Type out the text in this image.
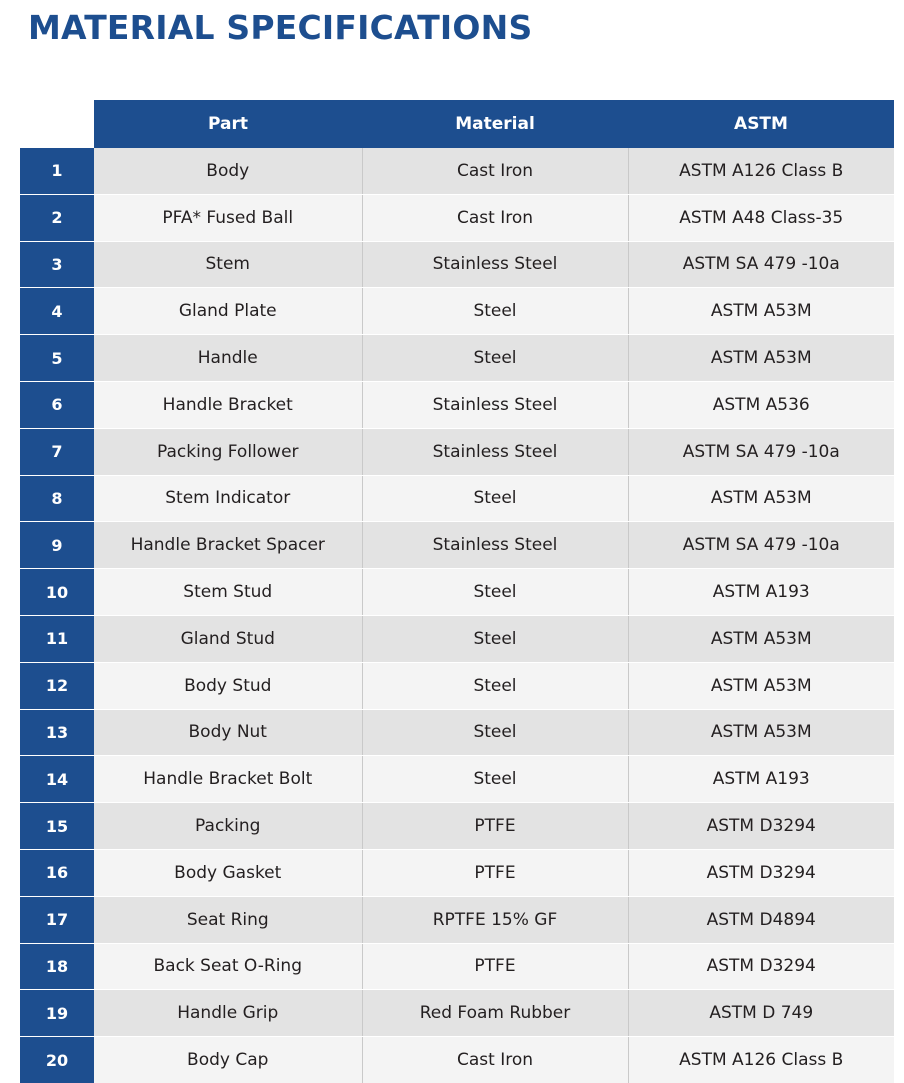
MATERIAL SPECIFICATIONS
	Part	Material	ASTM
1	Body	Cast Iron	ASTM A126 Class B
2	PFA* Fused Ball	Cast Iron	ASTM A48 Class-35
3	Stem	Stainless Steel	ASTM SA 479 -10a
4	Gland Plate	Steel	ASTM A53M
5	Handle	Steel	ASTM A53M
6	Handle Bracket	Stainless Steel	ASTM A536
7	Packing Follower	Stainless Steel	ASTM SA 479 -10a
8	Stem Indicator	Steel	ASTM A53M
9	Handle Bracket Spacer	Stainless Steel	ASTM SA 479 -10a
10	Stem Stud	Steel	ASTM A193
11	Gland Stud	Steel	ASTM A53M
12	Body Stud	Steel	ASTM A53M
13	Body Nut	Steel	ASTM A53M
14	Handle Bracket Bolt	Steel	ASTM A193
15	Packing	PTFE	ASTM D3294
16	Body Gasket	PTFE	ASTM D3294
17	Seat Ring	RPTFE 15% GF	ASTM D4894
18	Back Seat O-Ring	PTFE	ASTM D3294
19	Handle Grip	Red Foam Rubber	ASTM D 749
20	Body Cap	Cast Iron	ASTM A126 Class B
